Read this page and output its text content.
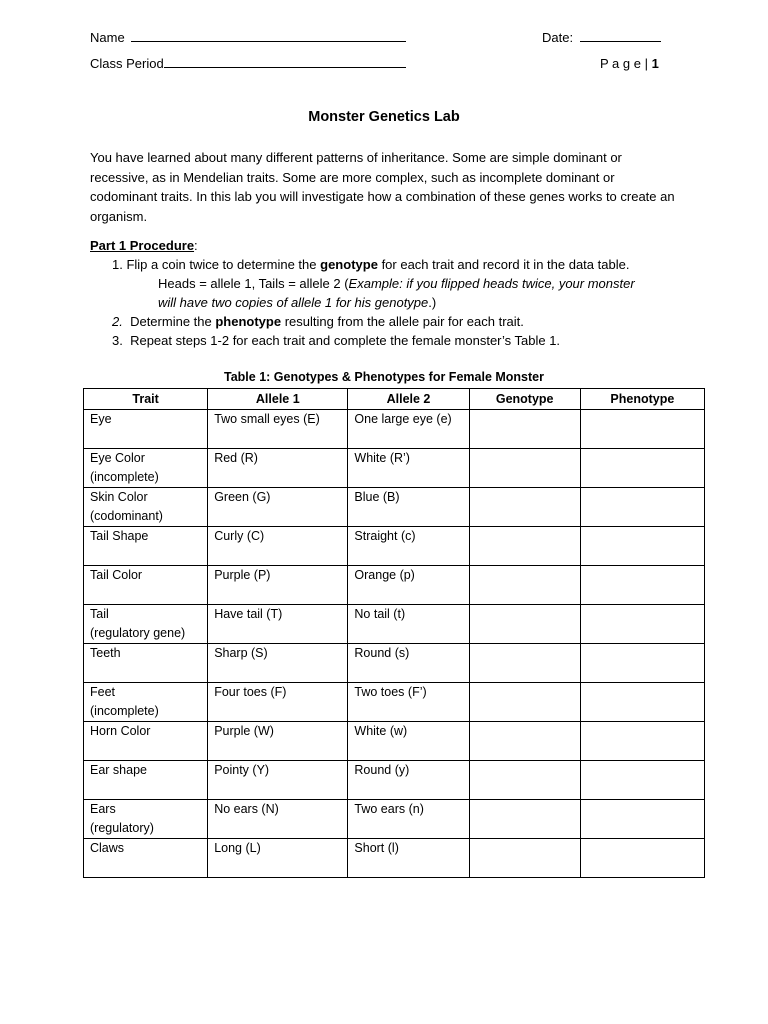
Name	Date:
Class Period	P a g e | 1
Monster Genetics Lab
You have learned about many different patterns of inheritance. Some are simple dominant or recessive, as in Mendelian traits. Some are more complex, such as incomplete dominant or codominant traits. In this lab you will investigate how a combination of these genes works to create an organism.
Part 1 Procedure:
1. Flip a coin twice to determine the genotype for each trait and record it in the data table.
Heads = allele 1, Tails = allele 2 (Example: if you flipped heads twice, your monster
will have two copies of allele 1 for his genotype.)
2. Determine the phenotype resulting from the allele pair for each trait.
3. Repeat steps 1-2 for each trait and complete the female monster’s Table 1.
Table 1: Genotypes & Phenotypes for Female Monster
Trait	Allele 1	Allele 2	Genotype	Phenotype

Eye	Two small eyes (E)	One large eye (e)		

Eye Color
(incomplete)	Red (R)	White (R’)		

Skin Color
(codominant)	Green (G)	Blue (B)		

Tail Shape	Curly (C)	Straight (c)		

Tail Color	Purple (P)	Orange (p)		

Tail
(regulatory gene)	Have tail (T)	No tail (t)		

Teeth	Sharp (S)	Round (s)		

Feet
(incomplete)	Four toes (F)	Two toes (F’)		

Horn Color	Purple (W)	White (w)		

Ear shape	Pointy (Y)	Round (y)		

Ears
(regulatory)	No ears (N)	Two ears (n)		

Claws	Long (L)	Short (l)		
